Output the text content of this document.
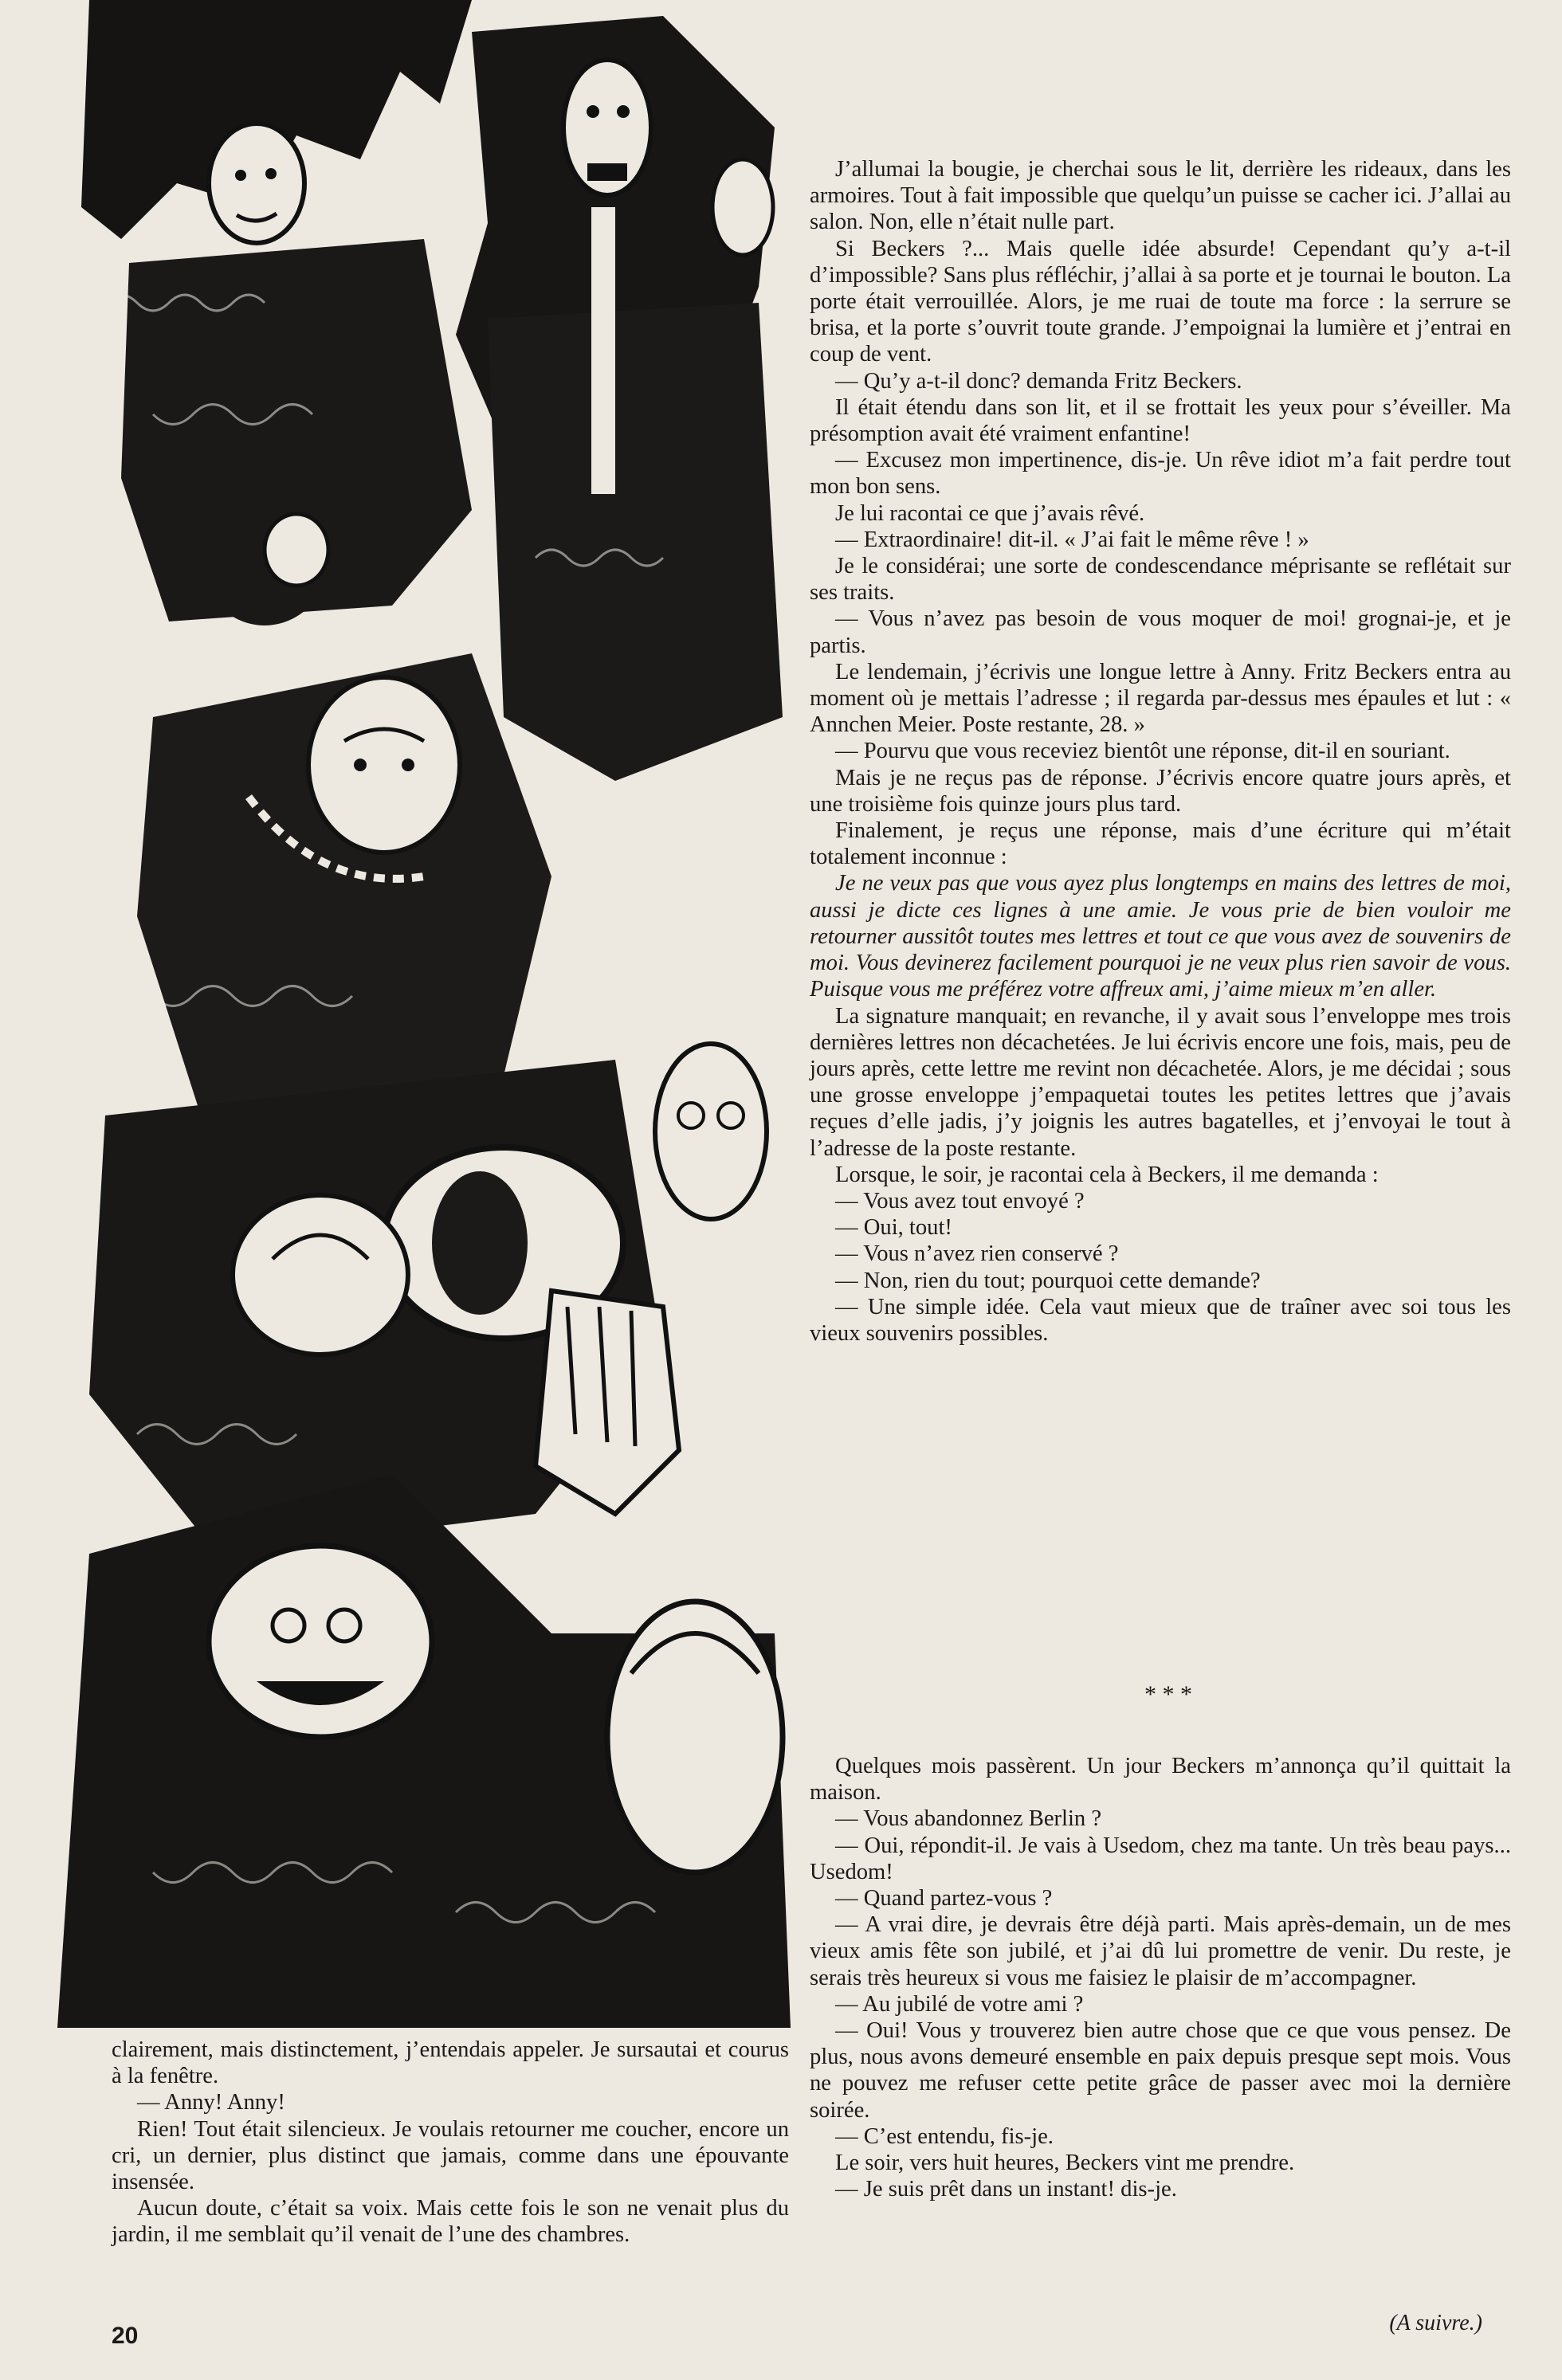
J’allumai la bougie, je cherchai sous le lit, derrière les rideaux, dans les armoires. Tout à fait impossible que quelqu’un puisse se cacher ici. J’allai au salon. Non, elle n’était nulle part.

Si Beckers ?... Mais quelle idée absurde! Cependant qu’y a-t-il d’impossible? Sans plus réfléchir, j’allai à sa porte et je tournai le bouton. La porte était verrouillée. Alors, je me ruai de toute ma force : la serrure se brisa, et la porte s’ouvrit toute grande. J’empoignai la lumière et j’entrai en coup de vent.

— Qu’y a-t-il donc? demanda Fritz Beckers.

Il était étendu dans son lit, et il se frottait les yeux pour s’éveiller. Ma présomption avait été vraiment enfantine!

— Excusez mon impertinence, dis-je. Un rêve idiot m’a fait perdre tout mon bon sens.

Je lui racontai ce que j’avais rêvé.

— Extraordinaire! dit-il. « J’ai fait le même rêve ! »

Je le considérai; une sorte de condescendance méprisante se reflétait sur ses traits.

— Vous n’avez pas besoin de vous moquer de moi! grognai-je, et je partis.

Le lendemain, j’écrivis une longue lettre à Anny. Fritz Beckers entra au moment où je mettais l’adresse ; il regarda par-dessus mes épaules et lut : « Annchen Meier. Poste restante, 28. »

— Pourvu que vous receviez bientôt une réponse, dit-il en souriant.

Mais je ne reçus pas de réponse. J’écrivis encore quatre jours après, et une troisième fois quinze jours plus tard.

Finalement, je reçus une réponse, mais d’une écriture qui m’était totalement inconnue :

Je ne veux pas que vous ayez plus longtemps en mains des lettres de moi, aussi je dicte ces lignes à une amie. Je vous prie de bien vouloir me retourner aussitôt toutes mes lettres et tout ce que vous avez de souvenirs de moi. Vous devinerez facilement pourquoi je ne veux plus rien savoir de vous. Puisque vous me préférez votre affreux ami, j’aime mieux m’en aller.

La signature manquait; en revanche, il y avait sous l’enveloppe mes trois dernières lettres non décachetées. Je lui écrivis encore une fois, mais, peu de jours après, cette lettre me revint non décachetée. Alors, je me décidai ; sous une grosse enveloppe j’empaquetai toutes les petites lettres que j’avais reçues d’elle jadis, j’y joignis les autres bagatelles, et j’envoyai le tout à l’adresse de la poste restante.

Lorsque, le soir, je racontai cela à Beckers, il me demanda :

— Vous avez tout envoyé ?

— Oui, tout!

— Vous n’avez rien conservé ?

— Non, rien du tout; pourquoi cette demande?

— Une simple idée. Cela vaut mieux que de traîner avec soi tous les vieux souvenirs possibles.

* * *

Quelques mois passèrent. Un jour Beckers m’annonça qu’il quittait la maison.

— Vous abandonnez Berlin ?

— Oui, répondit-il. Je vais à Usedom, chez ma tante. Un très beau pays... Usedom!

— Quand partez-vous ?

— A vrai dire, je devrais être déjà parti. Mais après-demain, un de mes vieux amis fête son jubilé, et j’ai dû lui promettre de venir. Du reste, je serais très heureux si vous me faisiez le plaisir de m’accompagner.

— Au jubilé de votre ami ?

— Oui! Vous y trouverez bien autre chose que ce que vous pensez. De plus, nous avons demeuré ensemble en paix depuis presque sept mois. Vous ne pouvez me refuser cette petite grâce de passer avec moi la dernière soirée.

— C’est entendu, fis-je.

Le soir, vers huit heures, Beckers vint me prendre.

— Je suis prêt dans un instant! dis-je.

(A suivre.)

clairement, mais distinctement, j’entendais appeler. Je sursautai et courus à la fenêtre.

— Anny! Anny!

Rien! Tout était silencieux. Je voulais retourner me coucher, encore un cri, un dernier, plus distinct que jamais, comme dans une épouvante insensée.

Aucun doute, c’était sa voix. Mais cette fois le son ne venait plus du jardin, il me semblait qu’il venait de l’une des chambres.

20
